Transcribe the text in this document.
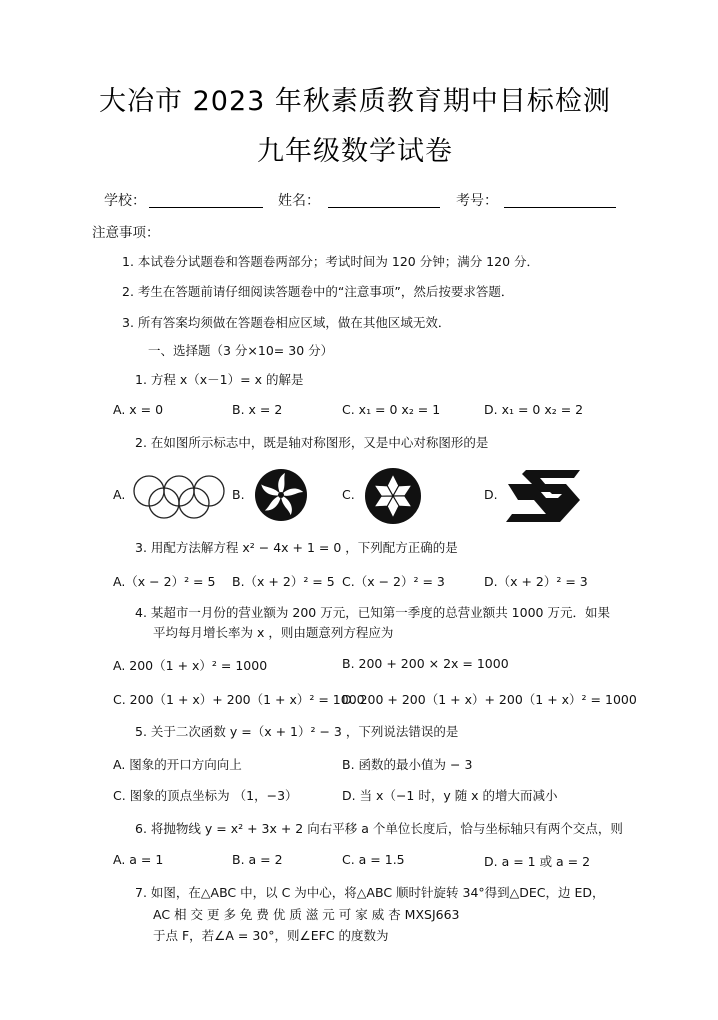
大冶市 2023 年秋素质教育期中目标检测
九年级数学试卷
学校：	姓名：	考号：
注意事项：
1. 本试卷分试题卷和答题卷两部分；考试时间为 120 分钟；满分 120 分．
2. 考生在答题前请仔细阅读答题卷中的“注意事项”，然后按要求答题．
3. 所有答案均须做在答题卷相应区域，做在其他区域无效．
一、选择题（3 分×10= 30 分）
1. 方程 x（x－1）= x 的解是
A. x = 0	B. x = 2	C. x₁ = 0 x₂ = 1	D. x₁ = 0 x₂ = 2
2. 在如图所示标志中，既是轴对称图形，又是中心对称图形的是
A.	B.	C.	D.
3. 用配方法解方程 x² − 4x + 1 = 0 ，下列配方正确的是
A.（x − 2）² = 5 B.（x + 2）² = 5 C.（x − 2）² = 3	D.（x + 2）² = 3
4. 某超市一月份的营业额为 200 万元，已知第一季度的总营业额共 1000 万元．如果
平均每月增长率为 x ，则由题意列方程应为
A. 200（1 + x）² = 1000	B. 200 + 200 × 2x = 1000
C. 200（1 + x）+ 200（1 + x）² = 1000
D. 200 + 200（1 + x）+ 200（1 + x）² = 1000
5. 关于二次函数 y =（x + 1）² − 3 ，下列说法错误的是
A. 图象的开口方向向上	B. 函数的最小值为 − 3
C. 图象的顶点坐标为 （1，−3）	D. 当 x（−1 时，y 随 x 的增大而减小
6. 将抛物线 y = x² + 3x + 2 向右平移 a 个单位长度后，恰与坐标轴只有两个交点，则
A. a = 1	B. a = 2	C. a = 1.5	D. a = 1 或 a = 2
7. 如图，在△ABC 中，以 C 为中心，将△ABC 顺时针旋转 34°得到△DEC，边 ED，
AC 相 交 更 多 免 费 优 质 滋 元 可 家 威 杏 MXSJ663
于点 F，若∠A = 30°，则∠EFC 的度数为
